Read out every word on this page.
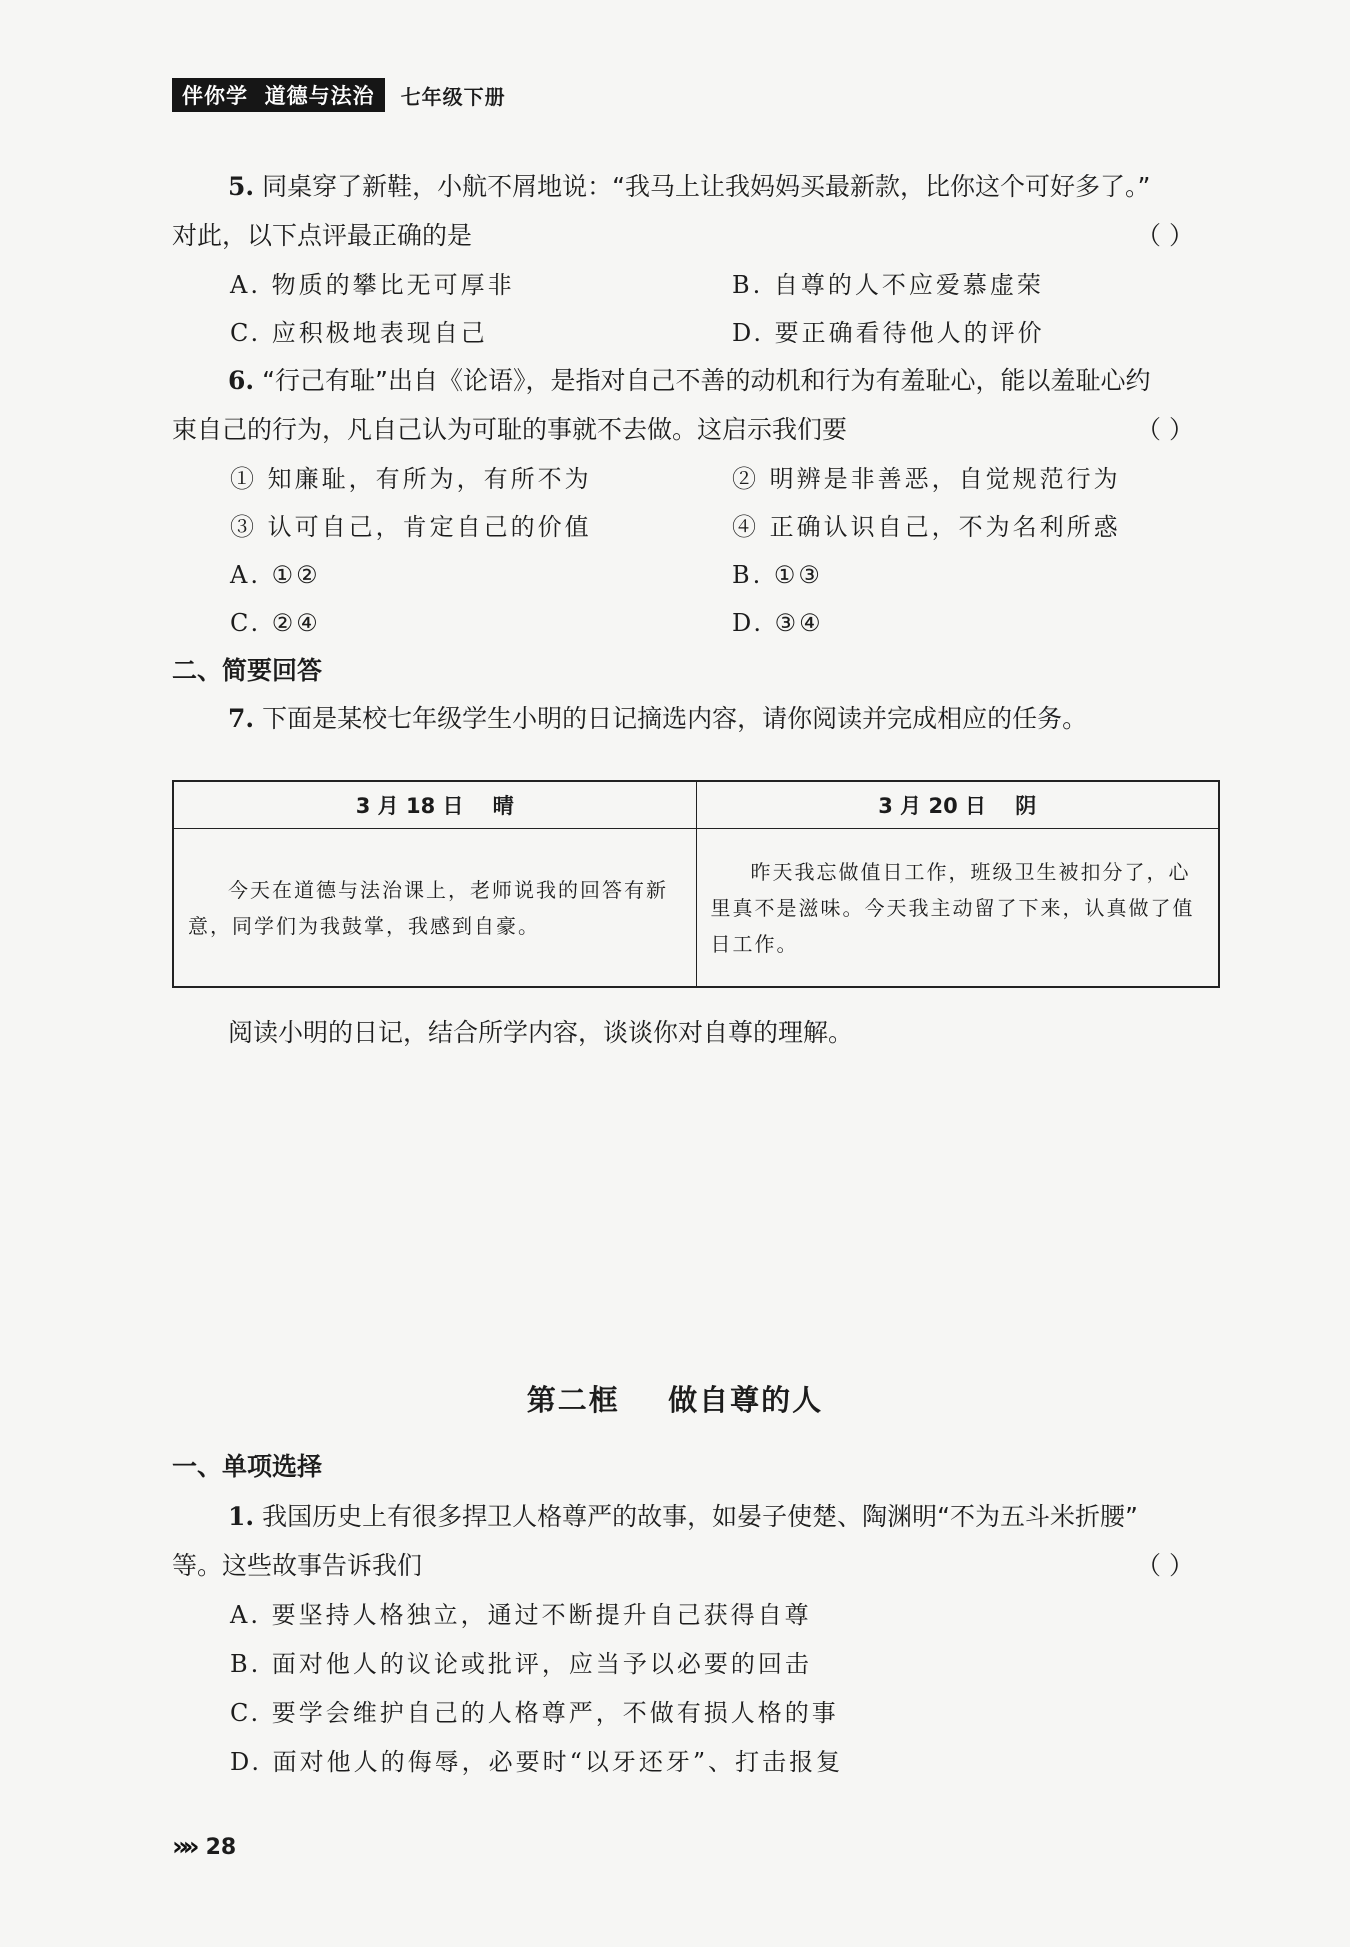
伴你学  道德与法治	七年级下册
5. 同桌穿了新鞋，小航不屑地说：“我马上让我妈妈买最新款，比你这个可好多了。”
对此，以下点评最正确的是	（ ）
A. 物质的攀比无可厚非	B. 自尊的人不应爱慕虚荣
C. 应积极地表现自己	D. 要正确看待他人的评价
6. “行己有耻”出自《论语》，是指对自己不善的动机和行为有羞耻心，能以羞耻心约
束自己的行为，凡自己认为可耻的事就不去做。这启示我们要	（ ）
① 知廉耻，有所为，有所不为	② 明辨是非善恶，自觉规范行为
③ 认可自己，肯定自己的价值	④ 正确认识自己，不为名利所惑
A. ①②	B. ①③
C. ②④	D. ③④
二、简要回答
7. 下面是某校七年级学生小明的日记摘选内容，请你阅读并完成相应的任务。
3 月 18 日    晴	3 月 20 日    阴
今天在道德与法治课上，老师说我的回答有新意，同学们为我鼓掌，我感到自豪。	昨天我忘做值日工作，班级卫生被扣分了，心里真不是滋味。今天我主动留了下来，认真做了值日工作。
阅读小明的日记，结合所学内容，谈谈你对自尊的理解。
第二框    做自尊的人
一、单项选择
1. 我国历史上有很多捍卫人格尊严的故事，如晏子使楚、陶渊明“不为五斗米折腰”
等。这些故事告诉我们	（ ）
A. 要坚持人格独立，通过不断提升自己获得自尊
B. 面对他人的议论或批评，应当予以必要的回击
C. 要学会维护自己的人格尊严，不做有损人格的事
D. 面对他人的侮辱，必要时“以牙还牙”、打击报复
»» 28
